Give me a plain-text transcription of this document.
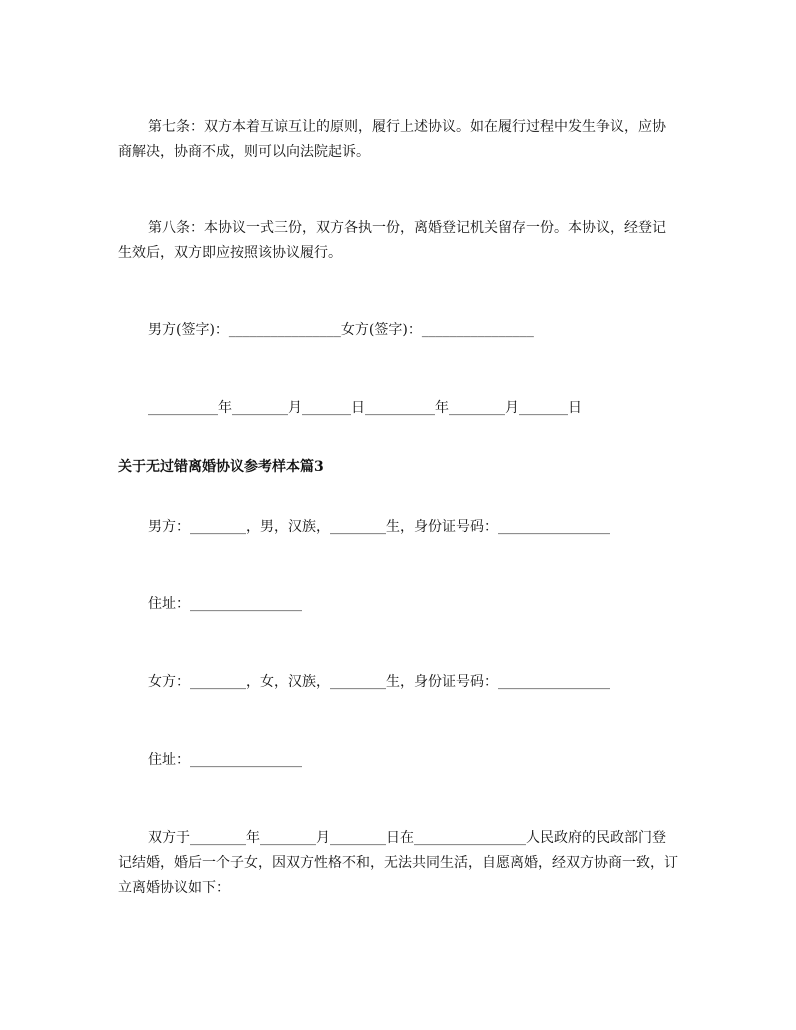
第七条：双方本着互谅互让的原则，履行上述协议。如在履行过程中发生争议，应协商解决，协商不成，则可以向法院起诉。
第八条：本协议一式三份，双方各执一份，离婚登记机关留存一份。本协议，经登记生效后，双方即应按照该协议履行。
男方(签字)：________________女方(签字)：________________
__________年________月_______日__________年________月_______日
关于无过错离婚协议参考样本篇3
男方：________，男，汉族，________生，身份证号码：________________
住址：________________
女方：________，女，汉族，________生，身份证号码：________________
住址：________________
双方于________年________月________日在________________人民政府的民政部门登记结婚，婚后一个子女，因双方性格不和，无法共同生活，自愿离婚，经双方协商一致，订立离婚协议如下：
